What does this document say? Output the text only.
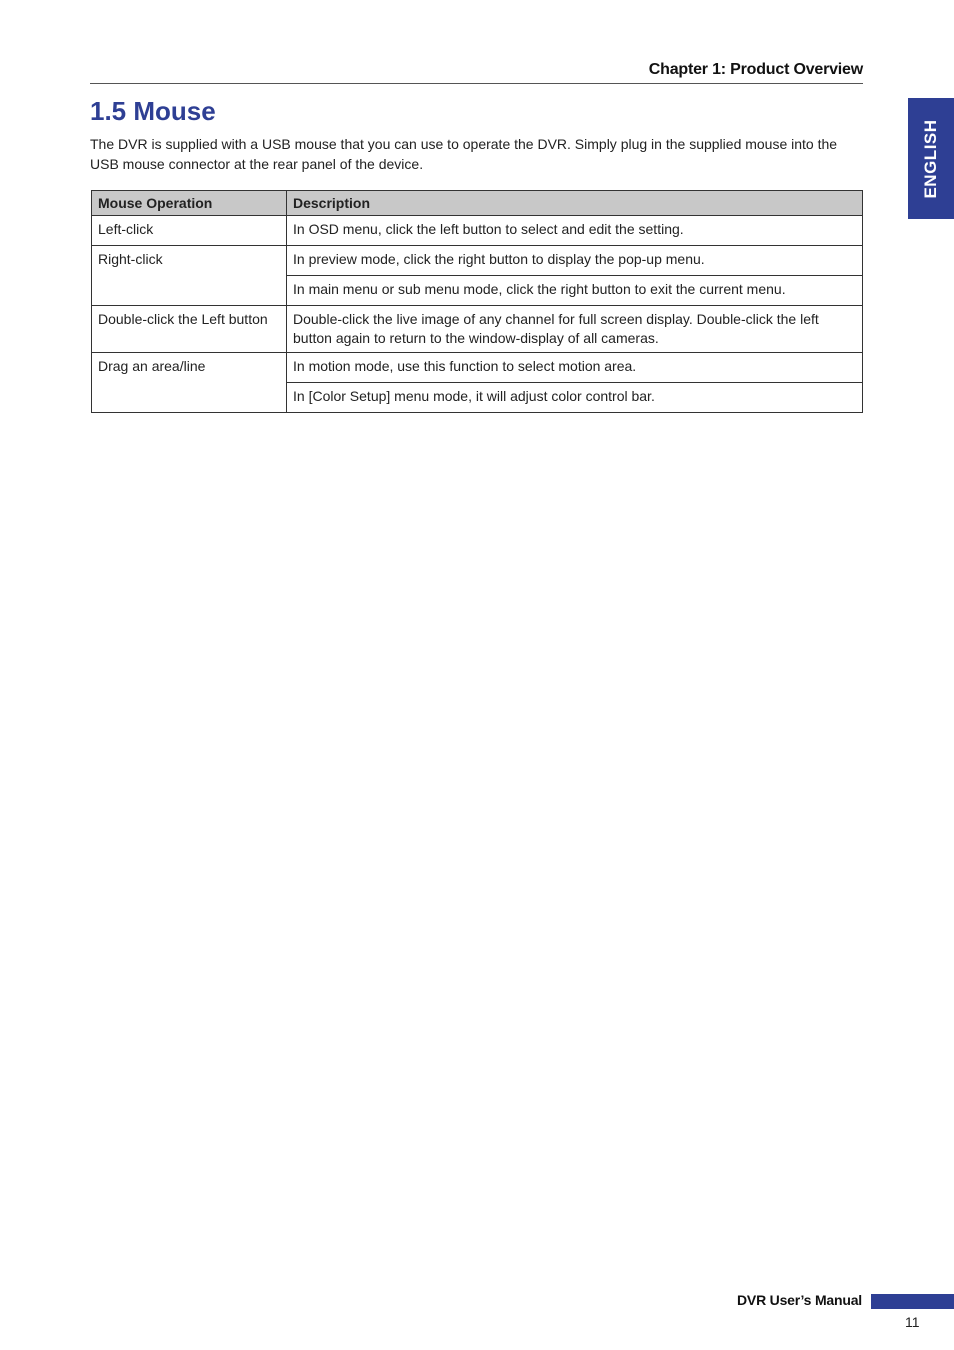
Chapter 1: Product Overview
ENGLISH
1.5 Mouse

The DVR is supplied with a USB mouse that you can use to operate the DVR. Simply plug in the supplied mouse into the USB mouse connector at the rear panel of the device.

Mouse Operation	Description
Left-click	In OSD menu, click the left button to select and edit the setting.
Right-click	In preview mode, click the right button to display the pop-up menu.
	In main menu or sub menu mode, click the right button to exit the current menu.
Double-click the Left button	Double-click the live image of any channel for full screen display. Double-click the left button again to return to the window-display of all cameras.
Drag an area/line	In motion mode, use this function to select motion area.
	In [Color Setup] menu mode, it will adjust color control bar.
DVR User’s Manual
11
